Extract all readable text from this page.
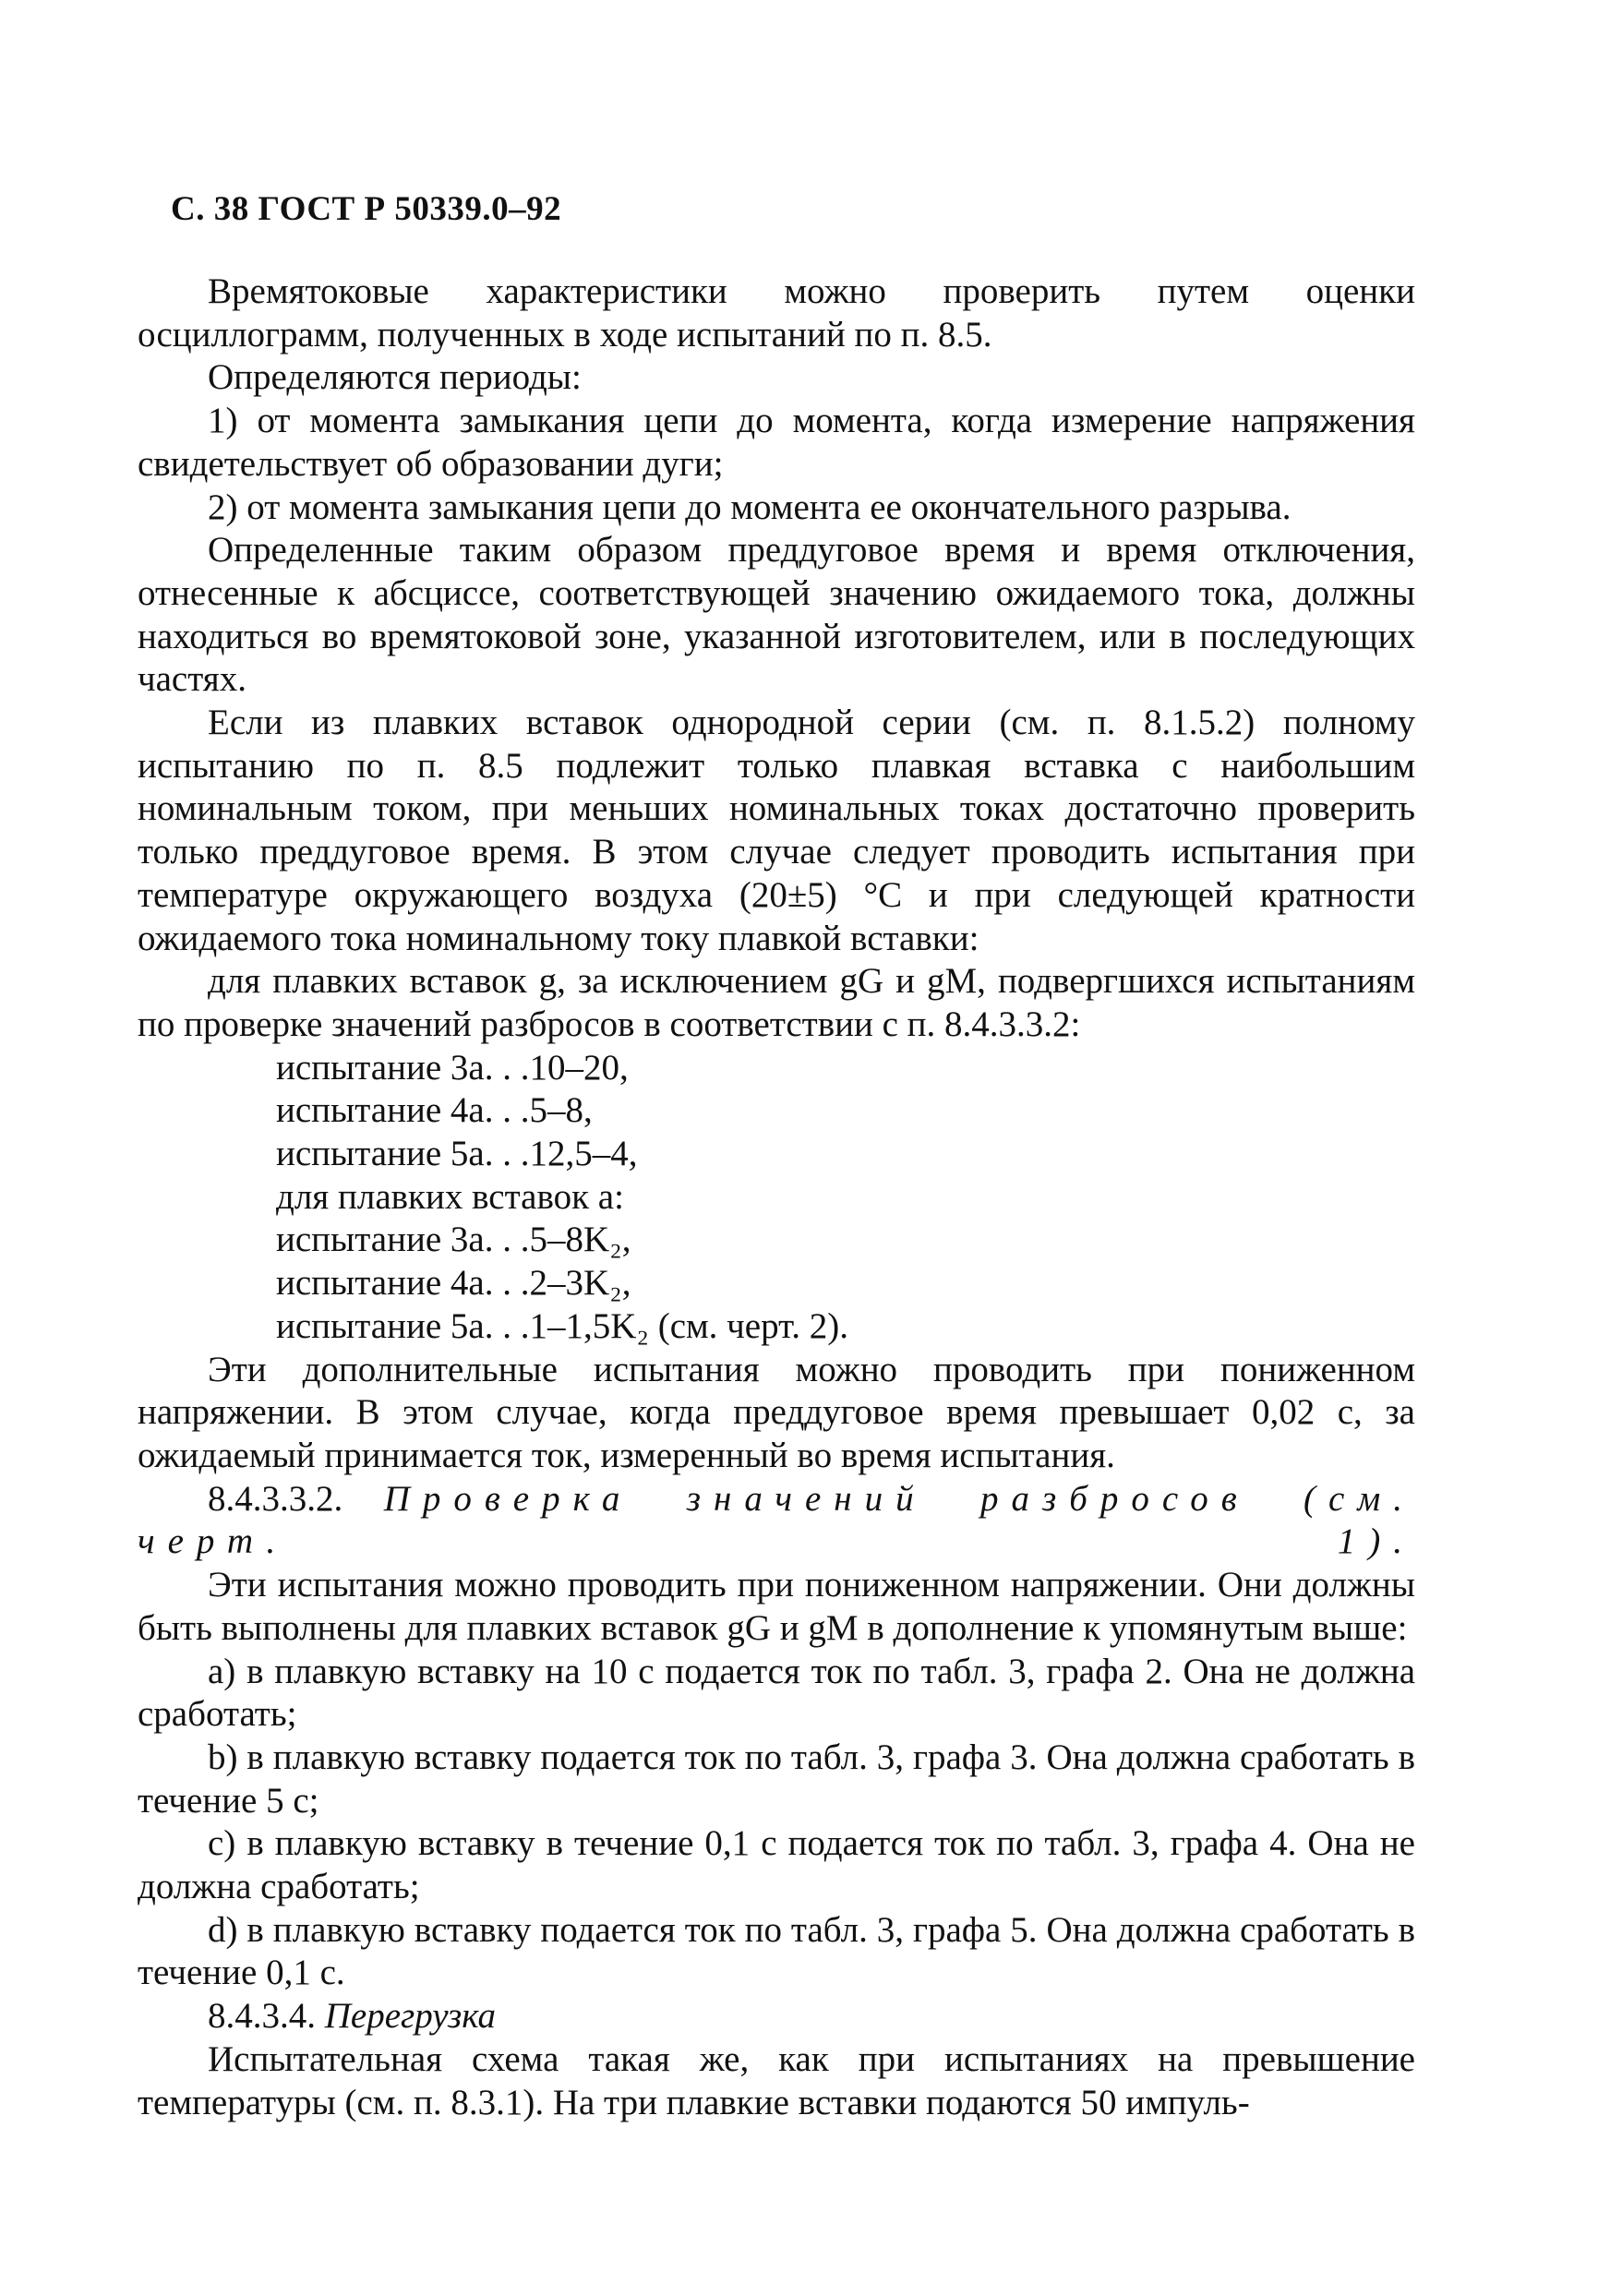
С. 38 ГОСТ Р 50339.0–92

Времятоковые характеристики можно проверить путем оценки осциллограмм, полученных в ходе испытаний по п. 8.5.

Определяются периоды:

1) от момента замыкания цепи до момента, когда измерение напряжения свидетельствует об образовании дуги;

2) от момента замыкания цепи до момента ее окончательного разрыва.

Определенные таким образом преддуговое время и время отключения, отнесенные к абсциссе, соответствующей значению ожидаемого тока, должны находиться во времятоковой зоне, указанной изготовителем, или в последующих частях.

Если из плавких вставок однородной серии (см. п. 8.1.5.2) полному испытанию по п. 8.5 подлежит только плавкая вставка с наибольшим номинальным током, при меньших номинальных токах достаточно проверить только преддуговое время. В этом случае следует проводить испытания при температуре окружающего воздуха (20±5) °С и при следующей кратности ожидаемого тока номинальному току плавкой вставки:

для плавких вставок g, за исключением gG и gM, подвергшихся испытаниям по проверке значений разбросов в соответствии с п. 8.4.3.3.2:

испытание 3а. . .10–20,
испытание 4а. . .5–8,
испытание 5а. . .12,5–4,
для плавких вставок a:
испытание 3а. . .5–8K₂,
испытание 4а. . .2–3K₂,
испытание 5а. . .1–1,5K₂ (см. черт. 2).

Эти дополнительные испытания можно проводить при пониженном напряжении. В этом случае, когда преддуговое время превышает 0,02 с, за ожидаемый принимается ток, измеренный во время испытания.

8.4.3.3.2. Проверка значений разбросов (см. черт. 1).

Эти испытания можно проводить при пониженном напряжении. Они должны быть выполнены для плавких вставок gG и gM в дополнение к упомянутым выше:

а) в плавкую вставку на 10 с подается ток по табл. 3, графа 2. Она не должна сработать;

b) в плавкую вставку подается ток по табл. 3, графа 3. Она должна сработать в течение 5 с;

с) в плавкую вставку в течение 0,1 с подается ток по табл. 3, графа 4. Она не должна сработать;

d) в плавкую вставку подается ток по табл. 3, графа 5. Она должна сработать в течение 0,1 с.

8.4.3.4. Перегрузка

Испытательная схема такая же, как при испытаниях на превышение температуры (см. п. 8.3.1). На три плавкие вставки подаются 50 импуль-
